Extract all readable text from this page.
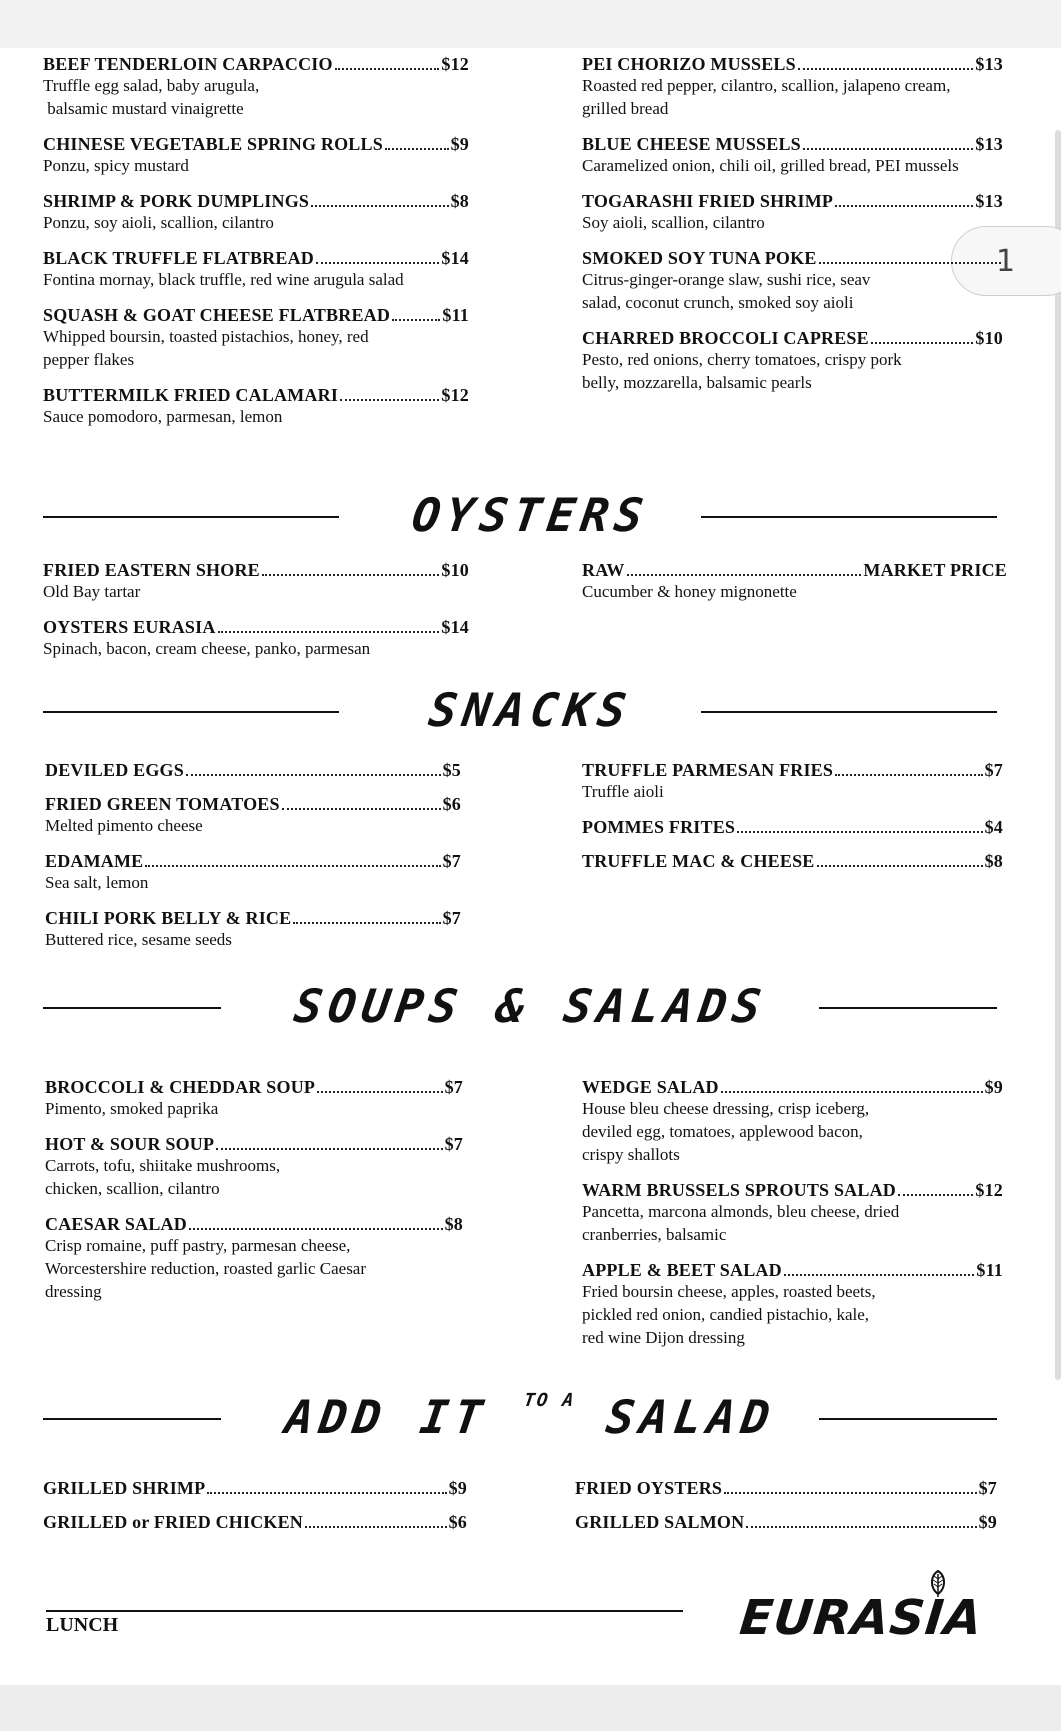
1
BEEF TENDERLOIN CARPACCIO	$12
Truffle egg salad, baby arugula,
balsamic mustard vinaigrette
CHINESE VEGETABLE SPRING ROLLS	$9
Ponzu, spicy mustard
SHRIMP & PORK DUMPLINGS	$8
Ponzu, soy aioli, scallion, cilantro
BLACK TRUFFLE FLATBREAD	$14
Fontina mornay, black truffle, red wine arugula salad
SQUASH & GOAT CHEESE FLATBREAD	$11
Whipped boursin, toasted pistachios, honey, red
pepper flakes
BUTTERMILK FRIED CALAMARI	$12
Sauce pomodoro, parmesan, lemon
PEI CHORIZO MUSSELS	$13
Roasted red pepper, cilantro, scallion, jalapeno cream,
grilled bread
BLUE CHEESE MUSSELS	$13
Caramelized onion, chili oil, grilled bread, PEI mussels
TOGARASHI FRIED SHRIMP	$13
Soy aioli, scallion, cilantro
SMOKED SOY TUNA POKE
Citrus-ginger-orange slaw, sushi rice, seav
salad, coconut crunch, smoked soy aioli
CHARRED BROCCOLI CAPRESE	$10
Pesto, red onions, cherry tomatoes, crispy pork
belly, mozzarella, balsamic pearls
OYSTERS
FRIED EASTERN SHORE	$10
Old Bay tartar
OYSTERS EURASIA	$14
Spinach, bacon, cream cheese, panko, parmesan
RAW	MARKET PRICE
Cucumber & honey mignonette
SNACKS
DEVILED EGGS	$5
FRIED GREEN TOMATOES	$6
Melted pimento cheese
EDAMAME	$7
Sea salt, lemon
CHILI PORK BELLY & RICE	$7
Buttered rice, sesame seeds
TRUFFLE PARMESAN FRIES	$7
Truffle aioli
POMMES FRITES	$4
TRUFFLE MAC & CHEESE	$8
SOUPS & SALADS
BROCCOLI & CHEDDAR SOUP	$7
Pimento, smoked paprika
HOT & SOUR SOUP	$7
Carrots, tofu, shiitake mushrooms,
chicken, scallion, cilantro
CAESAR SALAD	$8
Crisp romaine, puff pastry, parmesan cheese,
Worcestershire reduction, roasted garlic Caesar
dressing
WEDGE SALAD	$9
House bleu cheese dressing, crisp iceberg,
deviled egg, tomatoes, applewood bacon,
crispy shallots
WARM BRUSSELS SPROUTS SALAD	$12
Pancetta, marcona almonds, bleu cheese, dried
cranberries, balsamic
APPLE & BEET SALAD	$11
Fried boursin cheese, apples, roasted beets,
pickled red onion, candied pistachio, kale,
red wine Dijon dressing
ADD IT $^{TO A}$ SALAD
GRILLED SHRIMP	$9
GRILLED or FRIED CHICKEN	$6
FRIED OYSTERS	$7
GRILLED SALMON	$9
LUNCH	EURASIA
